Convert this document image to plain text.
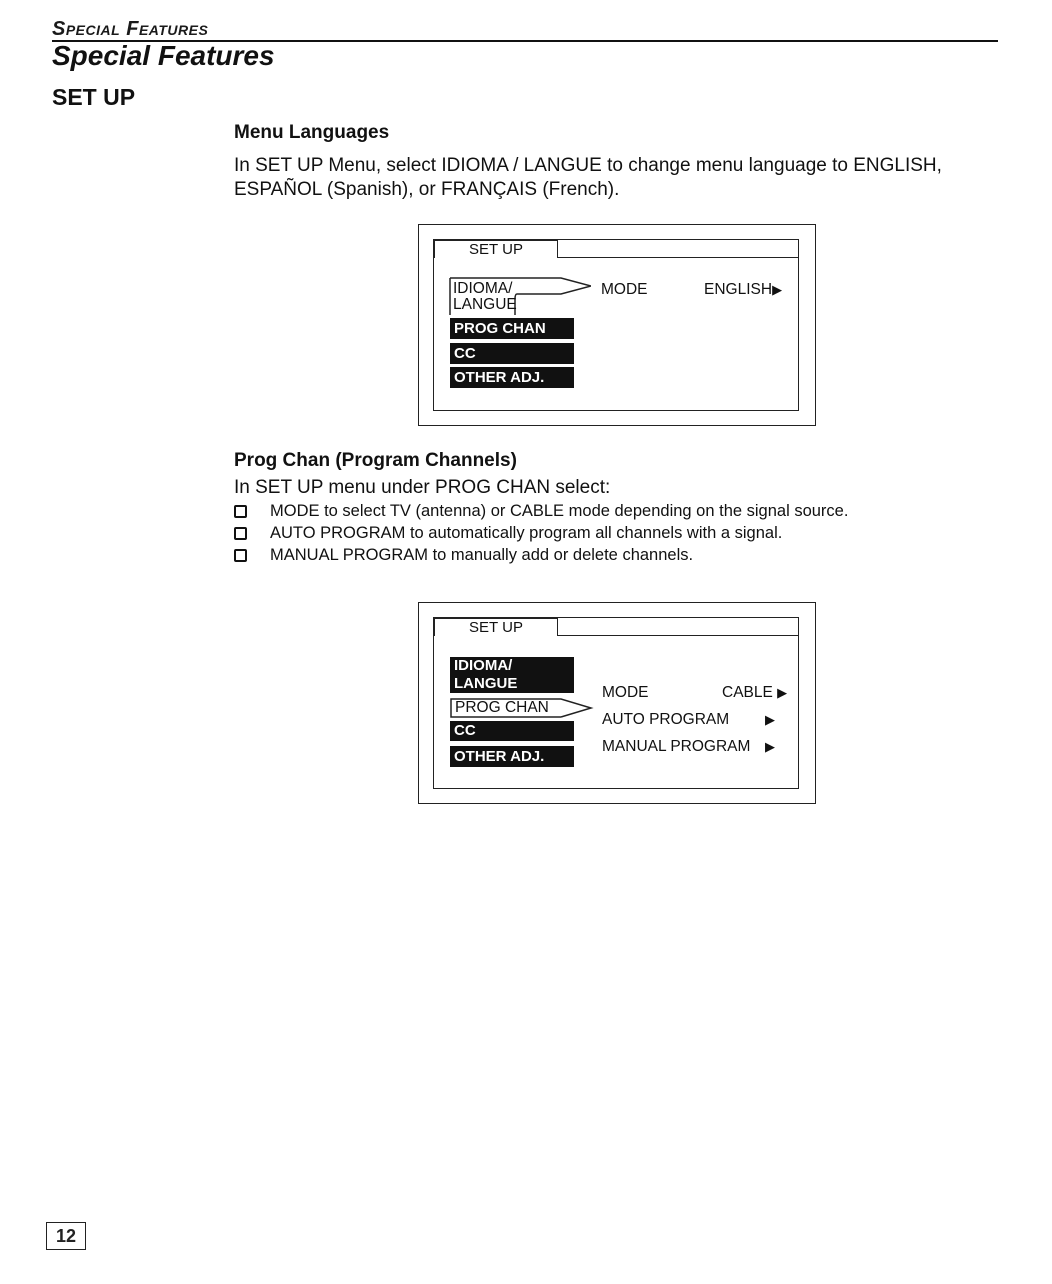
Special Features
Special Features
SET UP
Menu Languages

In SET UP Menu, select IDIOMA / LANGUE to change menu language to ENGLISH,

ESPAÑOL (Spanish), or FRANÇAIS (French).

SET UP
IDIOMA/
LANGUE
PROG CHAN
CC
OTHER ADJ.
MODE	ENGLISH▶
Prog Chan (Program Channels)

In SET UP menu under PROG CHAN select:

MODE to select TV (antenna) or CABLE mode depending on the signal source.
AUTO PROGRAM to automatically program all channels with a signal.
MANUAL PROGRAM to manually add or delete channels.
SET UP
IDIOMA/
LANGUE
PROG CHAN
CC
OTHER ADJ.
MODE	CABLE ▶
AUTO PROGRAM	▶
MANUAL PROGRAM ▶
12
